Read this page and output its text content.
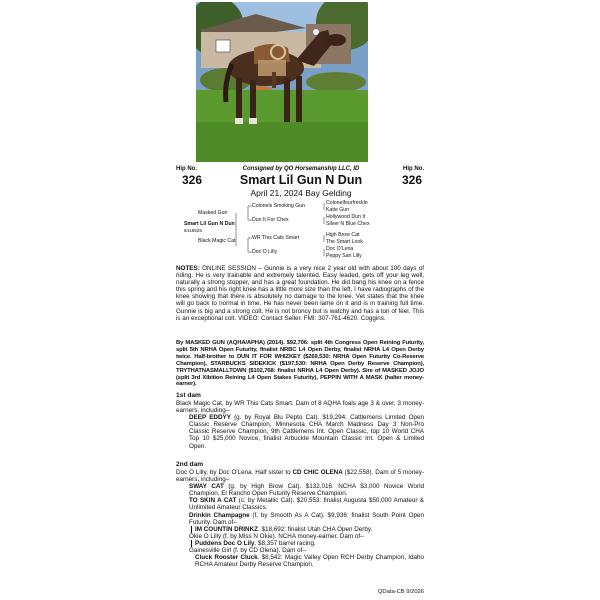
Hip No.
326
Hip No.
326
Consigned by QO Horsemanship LLC, ID
Smart Lil Gun N Dun
April 21, 2024 Bay Gelding
Masked Gun
Smart Lil Gun N Dun
6419525
Black Magic Cat
Colonels Smoking Gun
Dun It For Chex
WR This Cats Smart
Doc O Lilly
Colonelfourfreckle
Katie Gun
Hollywood Dun It
Silver N Blue Chex
High Brow Cat
The Smart Look
Doc O'Lena
Peppy San Lilly
NOTES: ONLINE SESSION – Gunnie is a very nice 2 year old with about 100 days of riding. He is very trainable and extremely talented. Easy leaded, gets off your leg well, naturally a strong stopper, and has a great foundation. He did bang his knee on a fence this spring and his right knee has a little more size than the left. I have radiographs of the knee showing that there is absolutely no damage to the knee. Vet states that the knee will go back to normal in time. He has never been lame on it and is in training full time. Gunnie is big and a strong colt. He is not broncy but is watchy and has a ton of feel. This is an exceptional colt. VIDEO: Contact Seller. FMI: 307-761-4620. Coggins.
By MASKED GUN (AQHA/APHA) (2014). $92,706: split 4th Congress Open Reining Futurity, split 5th NRHA Open Futurity, finalist NRBC L4 Open Derby, finalist NRHA L4 Open Derby twice. Half-brother to DUN IT FOR WHIZKEY ($269,530: NRHA Open Futurity Co-Reserve Champion), STARBUCKS SIDEKICK ($197,530: NRHA Open Derby Reserve Champion), TRYTHATNASMALLTOWN ($102,768: finalist NRHA L4 Open Derby). Sire of MASKED JOJO (split 3rd Xibition Reining L4 Open Stakes Futurity), PEPPIN WITH A MASK (halter money-earner).
1st dam
Black Magic Cat, by WR This Cats Smart. Dam of 8 AQHA foals age 3 & over, 3 money-earners, including–
DEEP EDDYY (g. by Royal Blu Pepto Cat). $19,294: Cattlemens Limited Open Classic Reserve Champion, Minnesota CHA March Madness Day 3 Non-Pro Classic Reserve Champion, 9th Cattlemens Int. Open Classic, top 10 World CHA Top 10 $25,000 Novice, finalist Arbuckle Mountain Classic Int. Open & Limited Open.
2nd dam
Doc O Lilly, by Doc O'Lena. Half sister to CD CHIC OLENA ($22,558). Dam of 5 money-earners, including–
SWAY CAT (g. by High Brow Cat). $132,016: NCHA $3,000 Novice World Champion, El Rancho Open Futurity Reserve Champion.
TO SKIN A CAT (c. by Metallic Cat). $20,553: finalist Augusta $50,000 Amateur & Unlimited Amateur Classics.
Drinkin Champagne (f. by Smooth As A Cat). $9,936: finalist South Point Open Futurity. Dam of–
IM COUNTIN DRINKZ. $18,692: finalist Utah CHA Open Derby.
Okie O Lilly (f. by Miss N Okie). NCHA money-earner. Dam of–
Puddens Doc O Lily. $8,357 barrel racing.
Gainesville Girl (f. by CD Olena). Dam of–
Cluck Rooster Cluck. $8,542: Magic Valley Open RCH Derby Champion, Idaho RCHA Amateur Derby Reserve Champion.
QData-CB 9/2026
